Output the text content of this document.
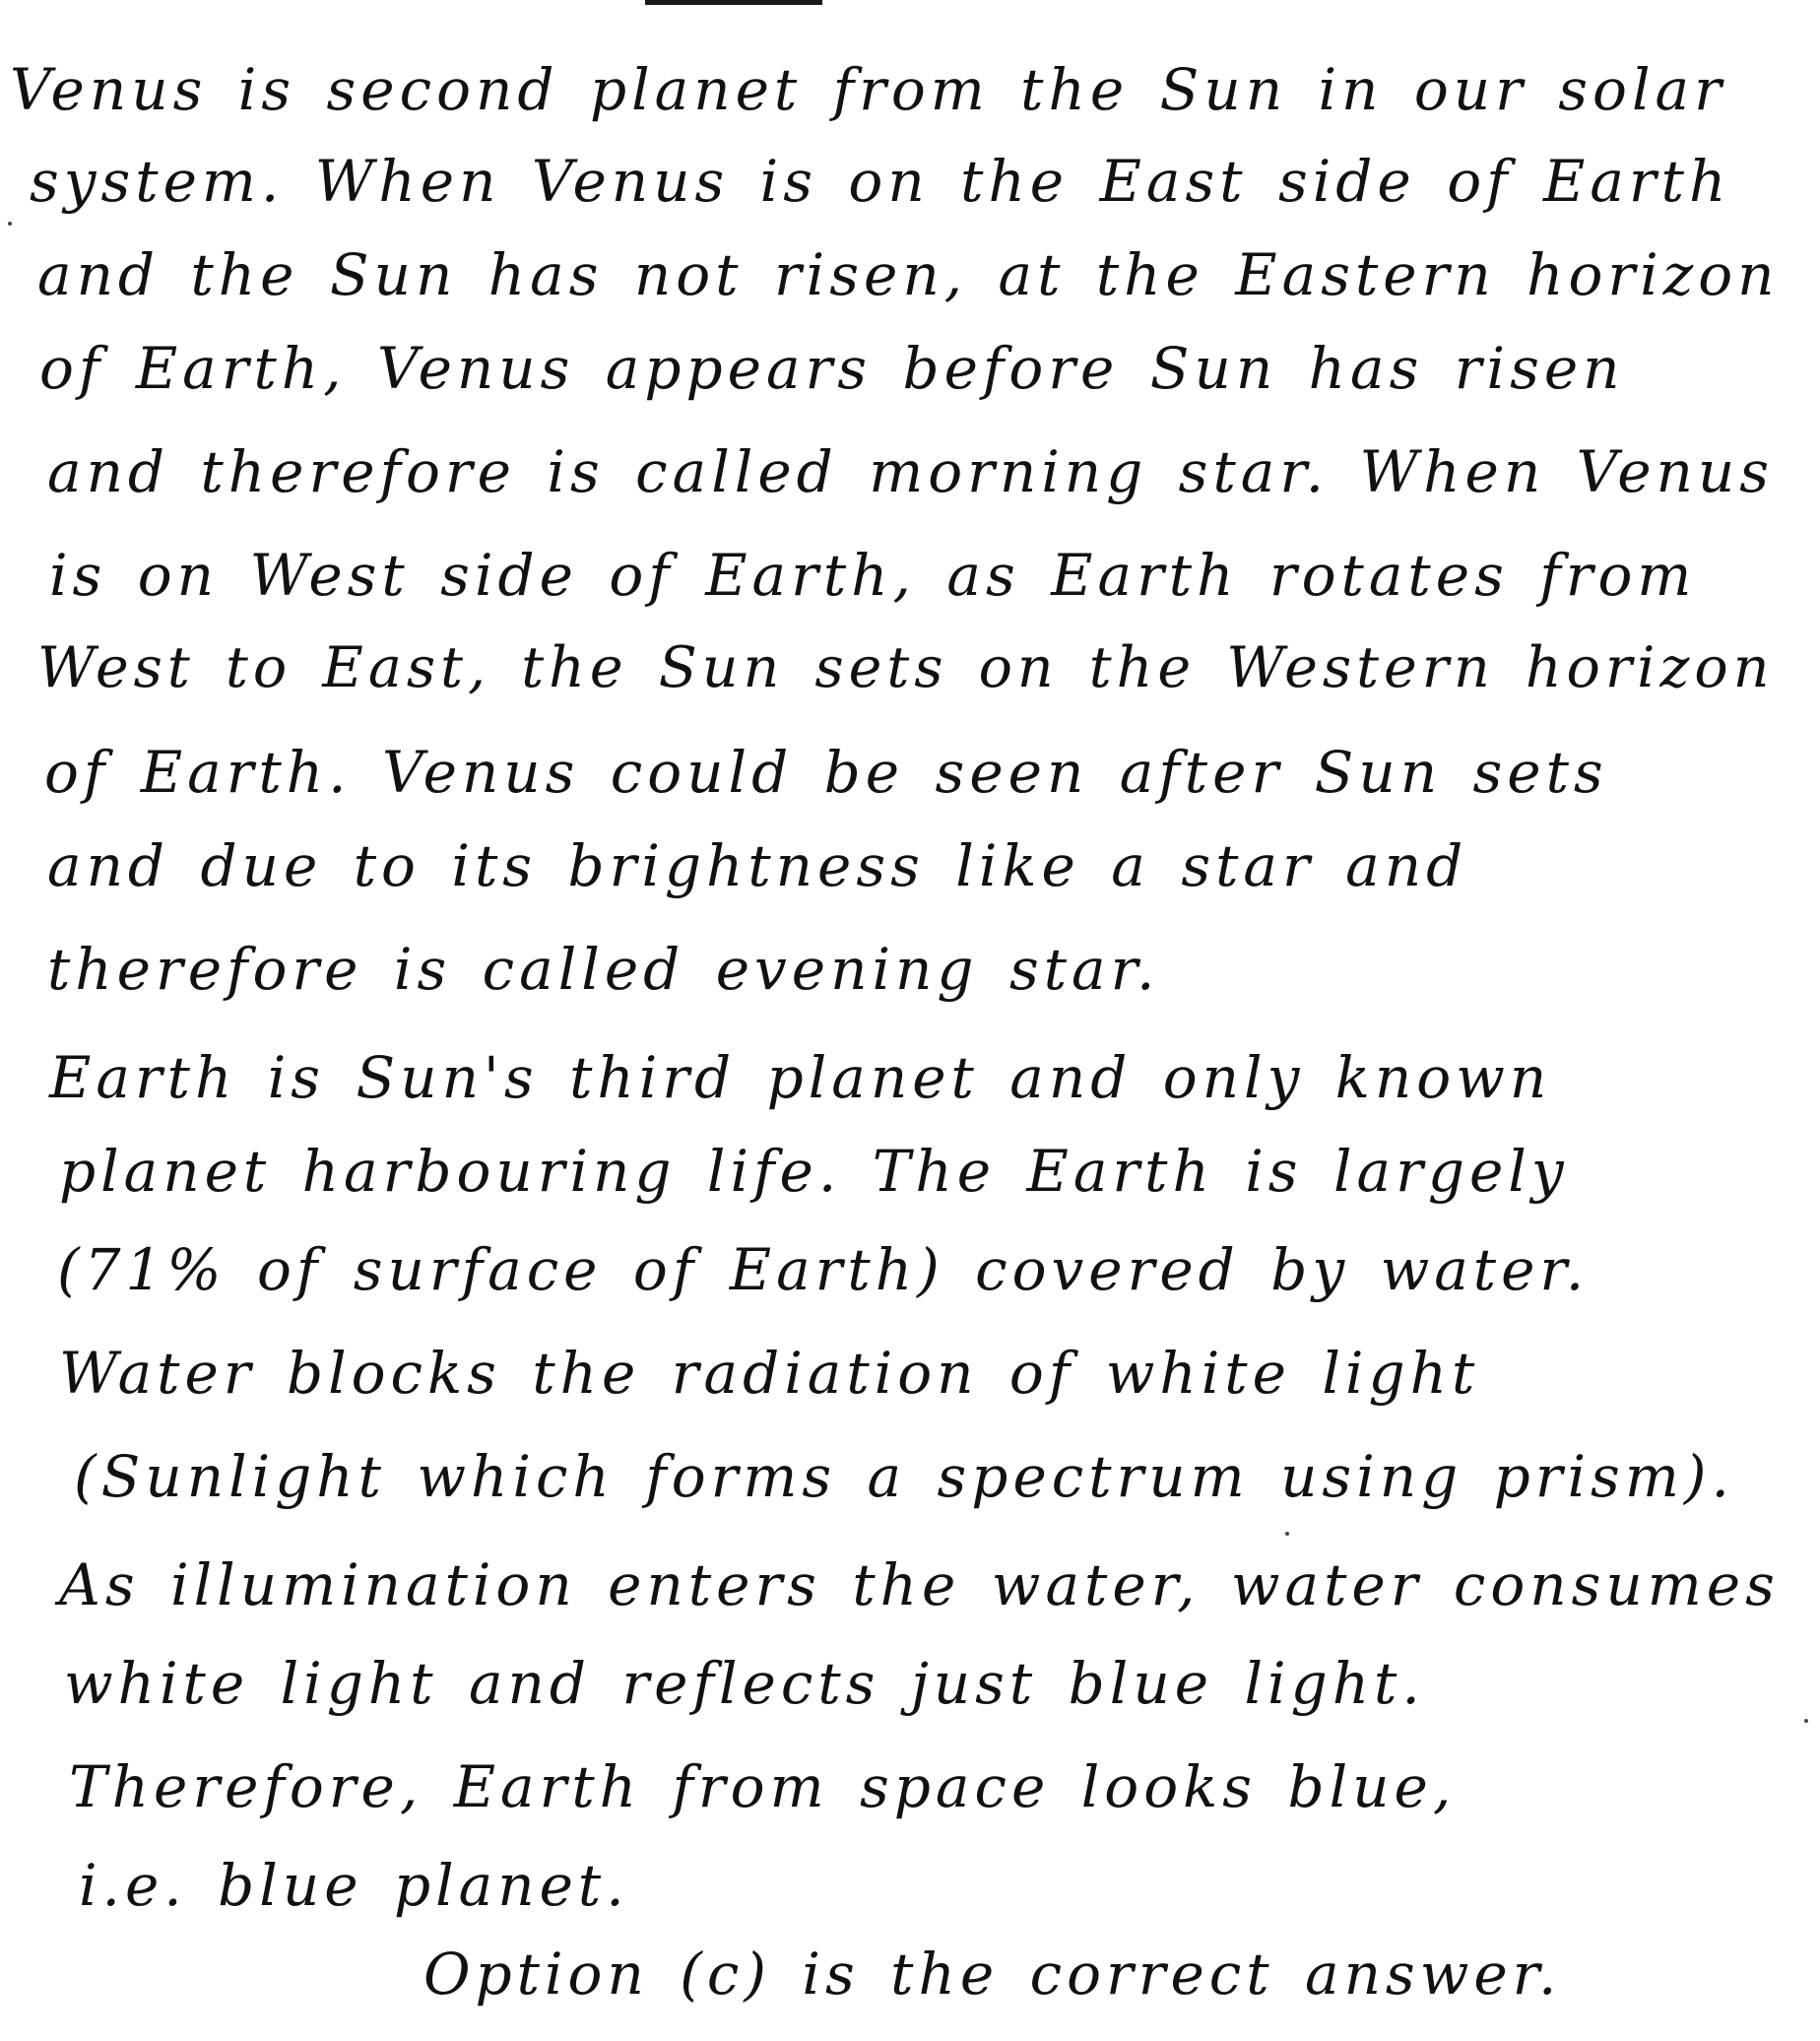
Venus is second planet from the Sun in our solar
system. When Venus is on the East side of Earth
and the Sun has not risen, at the Eastern horizon
of Earth, Venus appears before Sun has risen
and therefore is called morning star. When Venus
is on West side of Earth, as Earth rotates from
West to East, the Sun sets on the Western horizon
of Earth. Venus could be seen after Sun sets
and due to its brightness like a star and
therefore is called evening star.
Earth is Sun's third planet and only known
planet harbouring life. The Earth is largely
(71% of surface of Earth) covered by water.
Water blocks the radiation of white light
(Sunlight which forms a spectrum using prism).
As illumination enters the water, water consumes
white light and reflects just blue light.
Therefore, Earth from space looks blue,
i.e. blue planet.
Option (c) is the correct answer.
